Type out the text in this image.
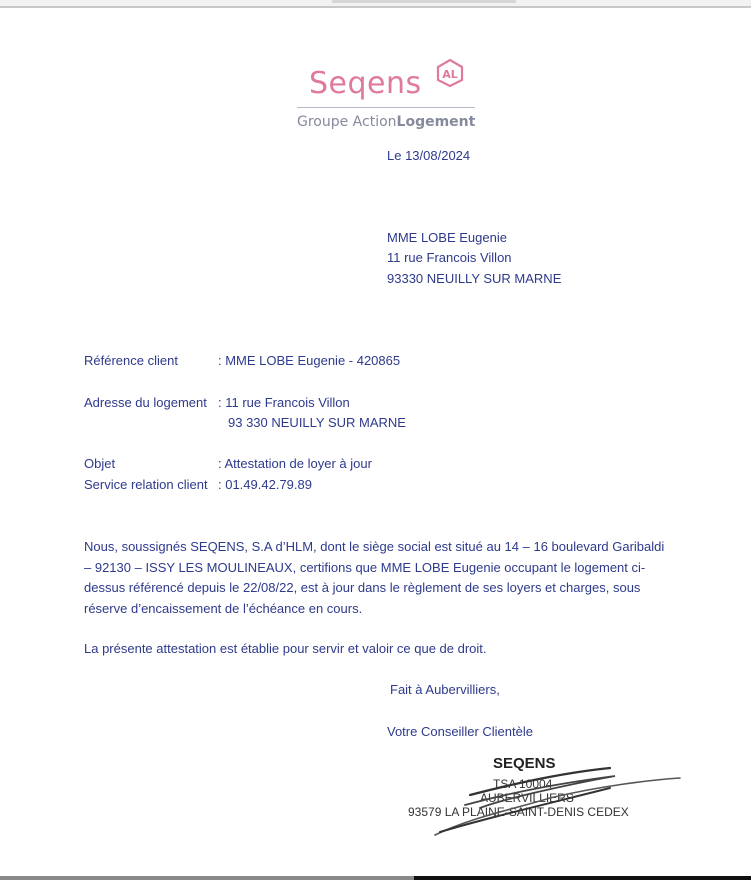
Seqens AL
Groupe ActionLogement
Le 13/08/2024
MME LOBE Eugenie
11 rue Francois Villon
93330 NEUILLY SUR MARNE
Référence client	: MME LOBE Eugenie - 420865
Adresse du logement : 11 rue Francois Villon
93 330 NEUILLY SUR MARNE
Objet	: Attestation de loyer à jour
Service relation client : 01.49.42.79.89
Nous, soussignés SEQENS, S.A d’HLM, dont le siège social est situé au 14 – 16 boulevard Garibaldi – 92130 – ISSY LES MOULINEAUX, certifions que MME LOBE Eugenie occupant le logement ci-dessus référencé depuis le 22/08/22, est à jour dans le règlement de ses loyers et charges, sous réserve d’encaissement de l’échéance en cours.
La présente attestation est établie pour servir et valoir ce que de droit.
Fait à Aubervilliers,
Votre Conseiller Clientèle
SEQENS
TSA 10004
AUBERVILLIERS
93579 LA PLAINE-SAINT-DENIS CEDEX
